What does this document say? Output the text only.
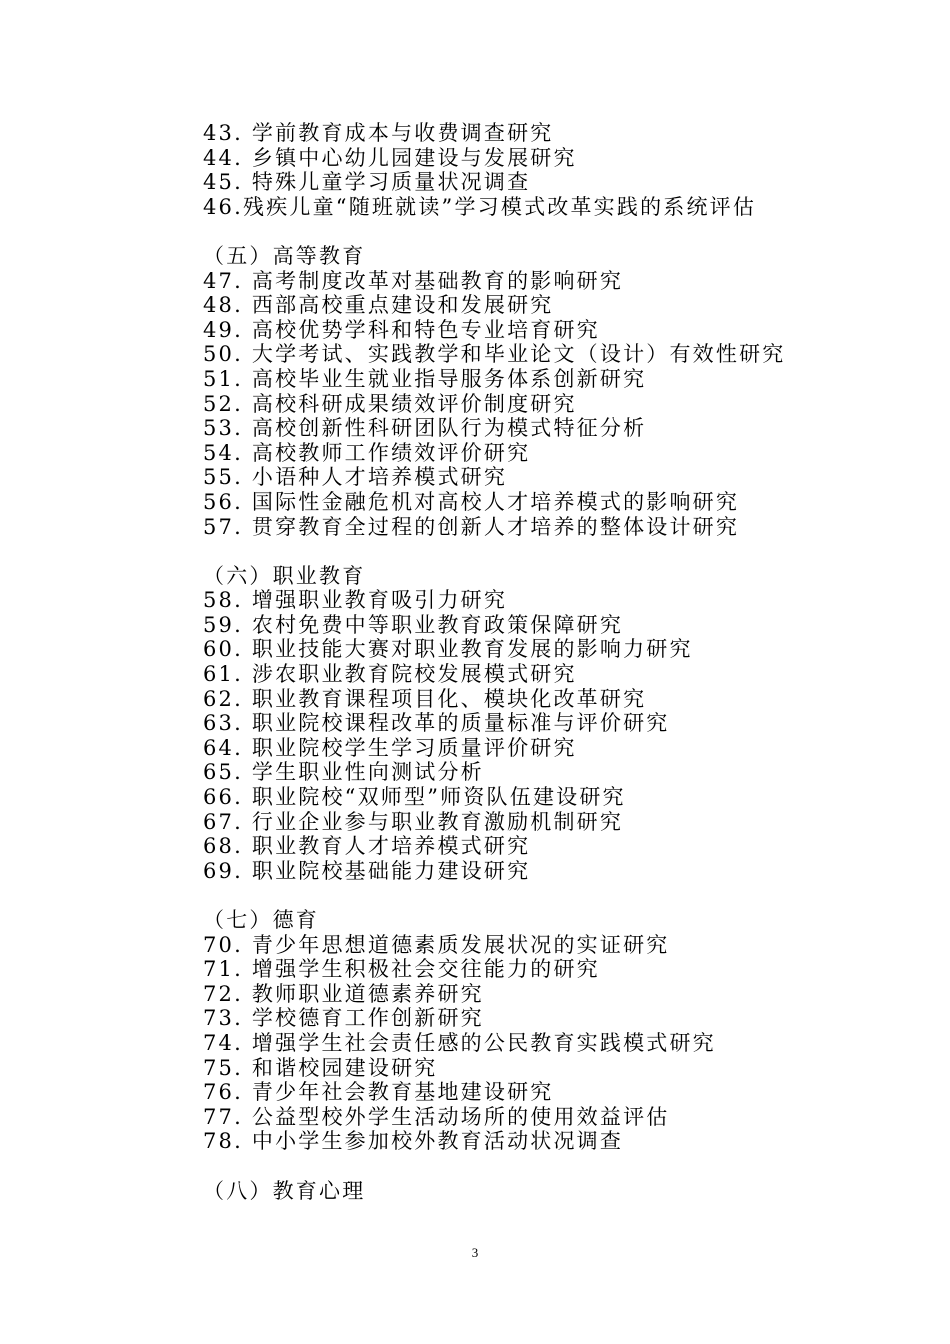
43. 学前教育成本与收费调查研究
44. 乡镇中心幼儿园建设与发展研究
45. 特殊儿童学习质量状况调查
46.残疾儿童“随班就读”学习模式改革实践的系统评估
（五）高等教育
47. 高考制度改革对基础教育的影响研究
48. 西部高校重点建设和发展研究
49. 高校优势学科和特色专业培育研究
50. 大学考试、实践教学和毕业论文（设计）有效性研究
51. 高校毕业生就业指导服务体系创新研究
52. 高校科研成果绩效评价制度研究
53. 高校创新性科研团队行为模式特征分析
54. 高校教师工作绩效评价研究
55. 小语种人才培养模式研究
56. 国际性金融危机对高校人才培养模式的影响研究
57. 贯穿教育全过程的创新人才培养的整体设计研究
（六）职业教育
58. 增强职业教育吸引力研究
59. 农村免费中等职业教育政策保障研究
60. 职业技能大赛对职业教育发展的影响力研究
61. 涉农职业教育院校发展模式研究
62. 职业教育课程项目化、模块化改革研究
63. 职业院校课程改革的质量标准与评价研究
64. 职业院校学生学习质量评价研究
65. 学生职业性向测试分析
66. 职业院校“双师型”师资队伍建设研究
67. 行业企业参与职业教育激励机制研究
68. 职业教育人才培养模式研究
69. 职业院校基础能力建设研究
（七）德育
70. 青少年思想道德素质发展状况的实证研究
71. 增强学生积极社会交往能力的研究
72. 教师职业道德素养研究
73. 学校德育工作创新研究
74. 增强学生社会责任感的公民教育实践模式研究
75. 和谐校园建设研究
76. 青少年社会教育基地建设研究
77. 公益型校外学生活动场所的使用效益评估
78. 中小学生参加校外教育活动状况调查
（八）教育心理
3
